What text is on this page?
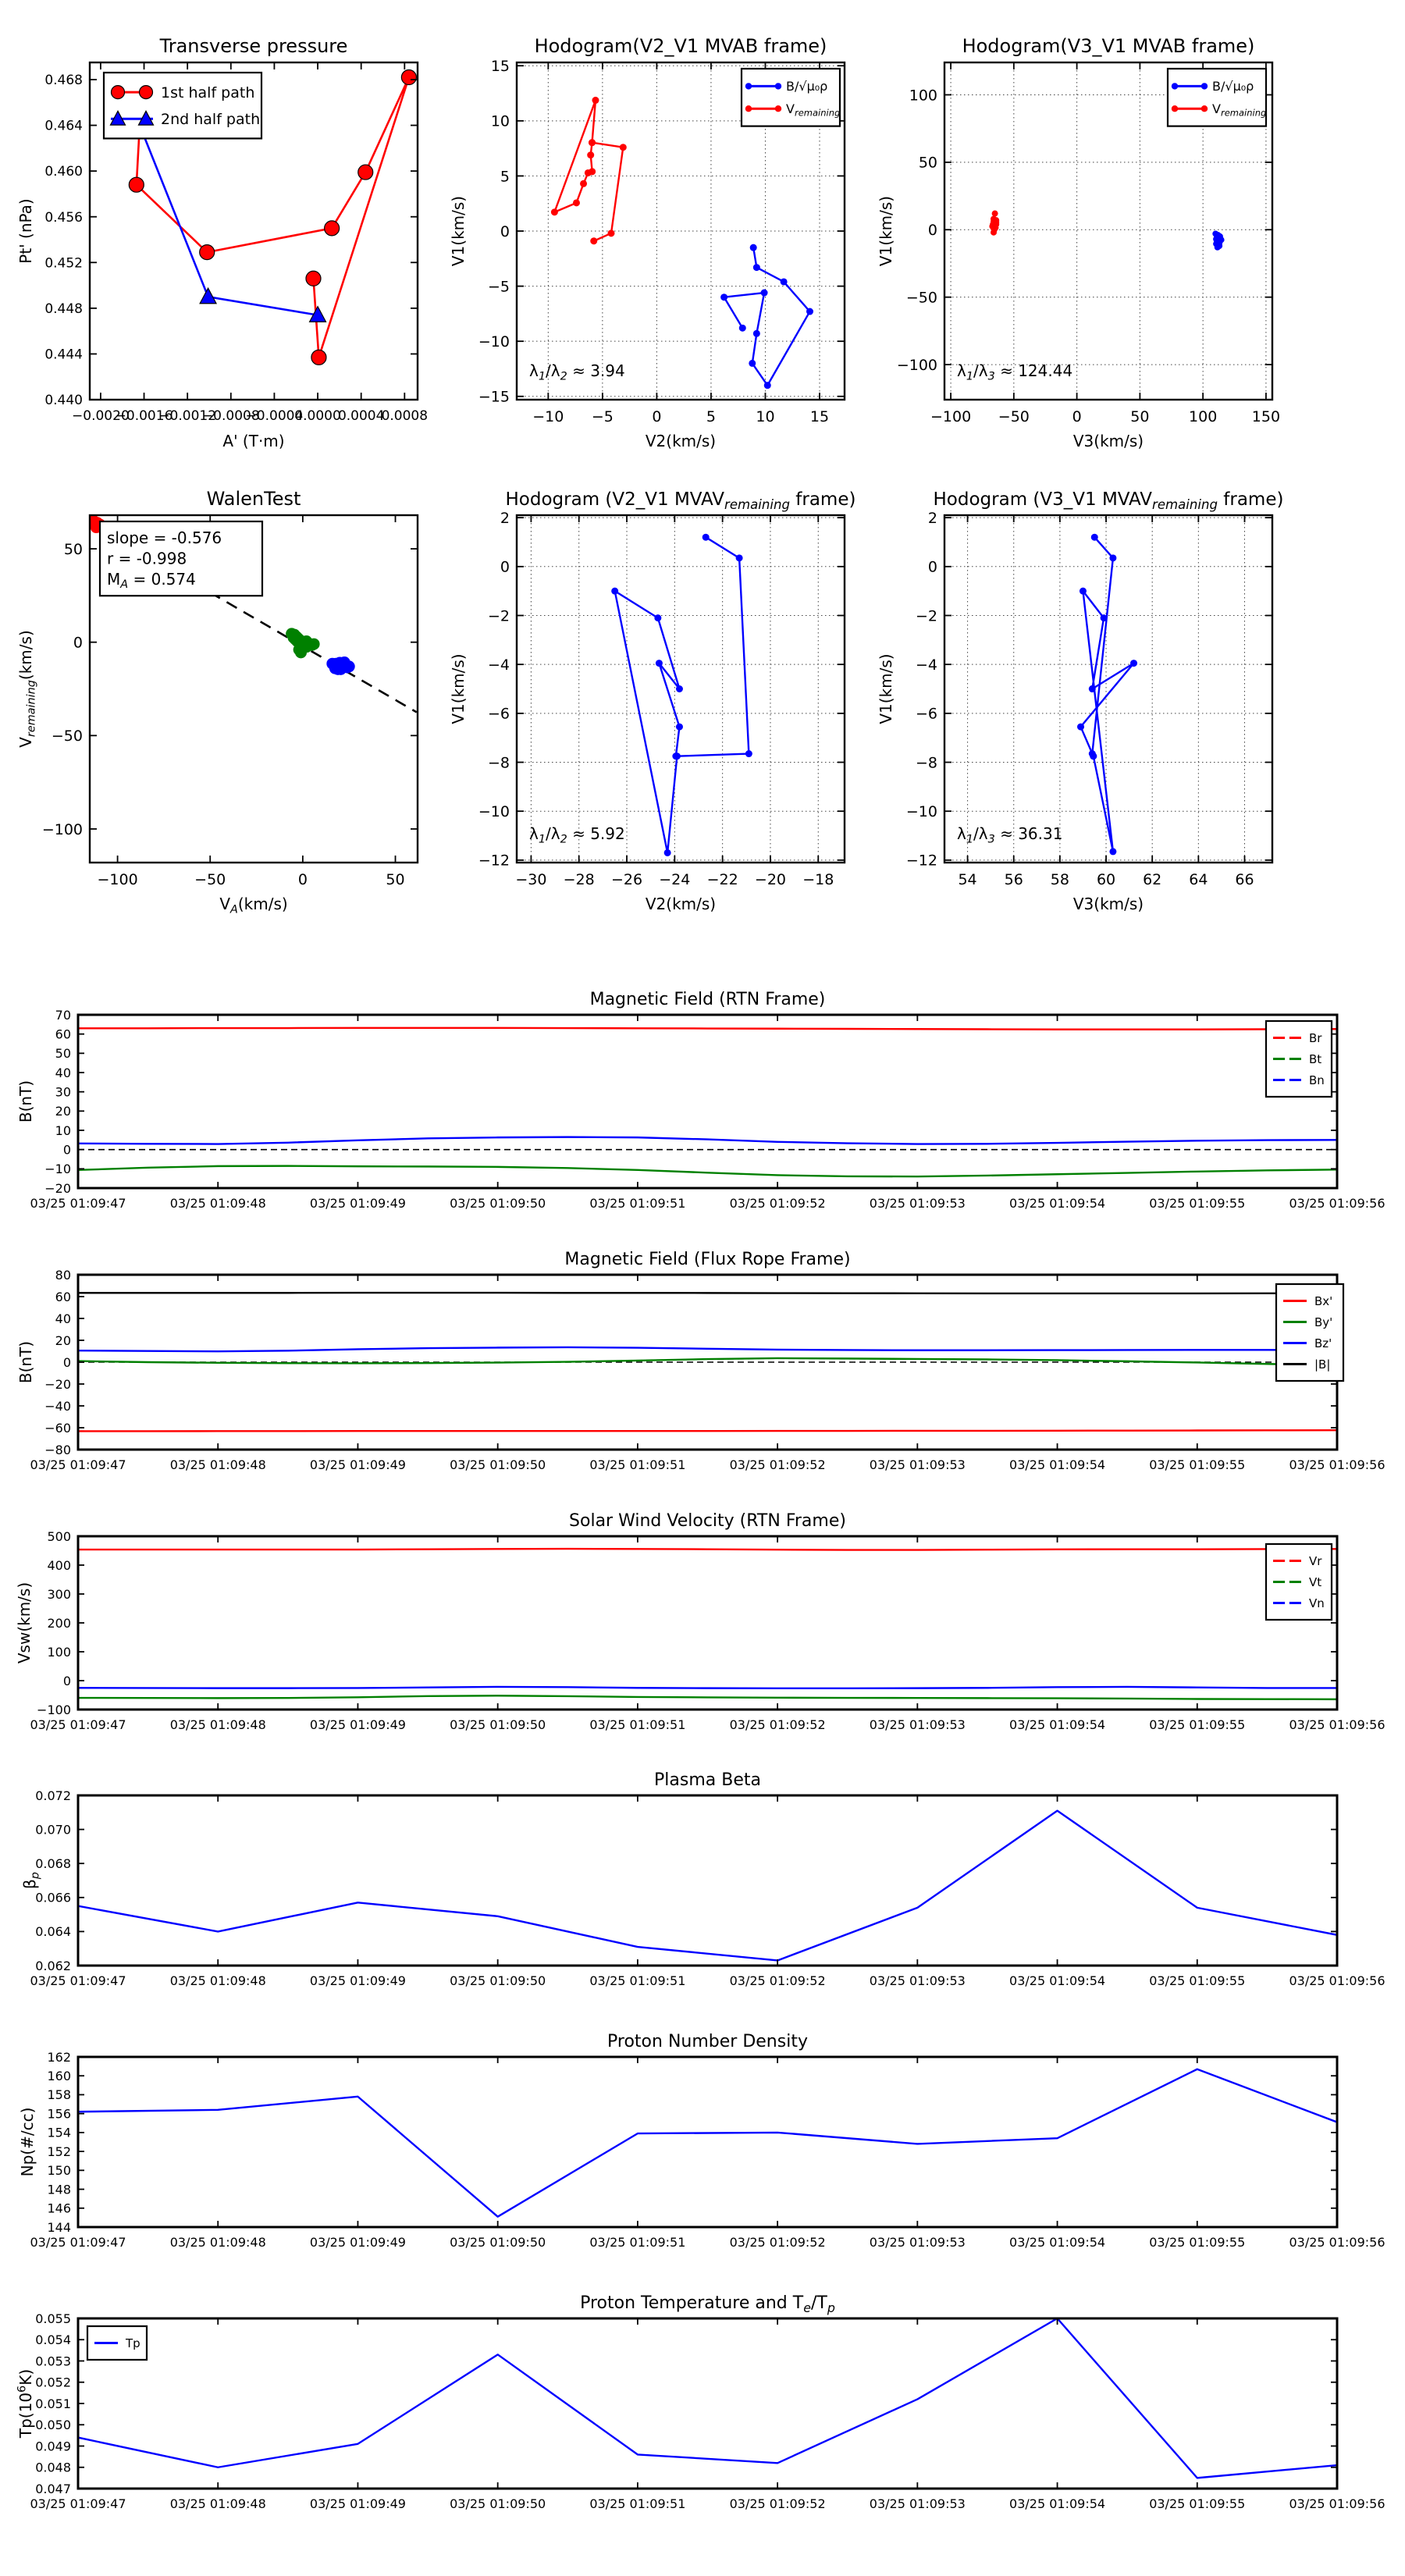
−0.0020
−0.0016
−0.0012
−0.0008
−0.0004
0.0000
0.0004
0.0008
0.440
0.444
0.448
0.452
0.456
0.460
0.464
0.468
Transverse pressure
A' (T·m)
Pt' (nPa)
1st half path
2nd half path
−10 −5	0	5	10 15
−15
−10
−5
0
5
10
15
Hodogram(V2_V1 MVAB frame)
V2(km/s)
V1(km/s)
B/√μ₀ρ
$V_{remaining}$
$\lambda_1/\lambda_2 \approx 3.94$
−100 −50	0	50	100 150
−100
−50
0
50
100
Hodogram(V3_V1 MVAB frame)
V3(km/s)
V1(km/s)
B/√μ₀ρ
$V_{remaining}$
$\lambda_1/\lambda_3 \approx 124.44$
−100	−50	0	50
−100
−50
0
50
WalenTest
$V_A(km/s)$
$V_{remaining}(km/s)$
slope = -0.576
r = -0.998
$M_A = 0.574$
−30 −28 −26 −24 −22 −20 −18
−12
−10
−8
−6
−4
−2
0
2
Hodogram (V2_V1 $MVAV_{remaining}$ frame)
V2(km/s)
V1(km/s)
$\lambda_1/\lambda_2 \approx 5.92$
54 56 58 60 62 64 66
−12
−10
−8
−6
−4
−2
0
2
Hodogram (V3_V1 $MVAV_{remaining}$ frame)
V3(km/s)
V1(km/s)
$\lambda_1/\lambda_3 \approx 36.31$
03/25 01:09:47	03/25 01:09:48	03/25 01:09:49	03/25 01:09:50	03/25 01:09:51	03/25 01:09:52	03/25 01:09:53	03/25 01:09:54	03/25 01:09:55	03/25 01:09:56
−20
−10
0
10
20
30
40
50
60
70
Magnetic Field (RTN Frame)
B(nT)
Br
Bt
Bn
03/25 01:09:47	03/25 01:09:48	03/25 01:09:49	03/25 01:09:50	03/25 01:09:51	03/25 01:09:52	03/25 01:09:53	03/25 01:09:54	03/25 01:09:55	03/25 01:09:56
−80
−60
−40
−20
0
20
40
60
80
Magnetic Field (Flux Rope Frame)
B(nT)
Bx'
By'
Bz'
|B|
03/25 01:09:47	03/25 01:09:48	03/25 01:09:49	03/25 01:09:50	03/25 01:09:51	03/25 01:09:52	03/25 01:09:53	03/25 01:09:54	03/25 01:09:55	03/25 01:09:56
−100
0
100
200
300
400
500
Solar Wind Velocity (RTN Frame)
Vsw(km/s)
Vr
Vt
Vn
03/25 01:09:47	03/25 01:09:48	03/25 01:09:49	03/25 01:09:50	03/25 01:09:51	03/25 01:09:52	03/25 01:09:53	03/25 01:09:54	03/25 01:09:55	03/25 01:09:56
0.062
0.064
0.066
0.068
0.070
0.072
Plasma Beta
$\beta_p$
03/25 01:09:47	03/25 01:09:48	03/25 01:09:49	03/25 01:09:50	03/25 01:09:51	03/25 01:09:52	03/25 01:09:53	03/25 01:09:54	03/25 01:09:55	03/25 01:09:56
144
146
148
150
152
154
156
158
160
162
Proton Number Density
Np(#/cc)
03/25 01:09:47	03/25 01:09:48	03/25 01:09:49	03/25 01:09:50	03/25 01:09:51	03/25 01:09:52	03/25 01:09:53	03/25 01:09:54	03/25 01:09:55	03/25 01:09:56
0.047
0.048
0.049
0.050
0.051
0.052
0.053
0.054
0.055
Proton Temperature and $T_e/T_p$
$Tp(10^6K)$
Tp
